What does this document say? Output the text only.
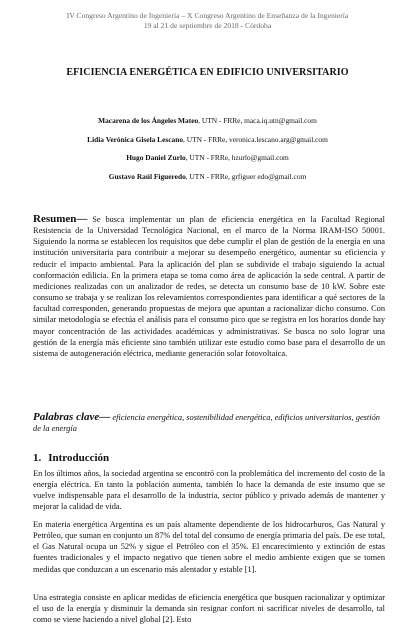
IV Congreso Argentino de Ingeniería – X Congreso Argentino de Enseñanza de la Ingeniería
19 al 21 de septiembre de 2018 - Córdoba
EFICIENCIA ENERGÉTICA EN EDIFICIO UNIVERSITARIO
Macarena de los Ángeles Mateo, UTN - FRRe, maca.iq.utn@gmail.com
Lidia Verónica Gisela Lescano, UTN - FRRe, veronica.lescano.arg@gmail.com
Hugo Daniel Zurlo, UTN - FRRe, hzurlo@gmail.com
Gustavo Raúl Figueredo, UTN - FRRe, grfiguer edo@gmail.com

Resumen— Se busca implementar un plan de eficiencia energética en la Facultad Regional Resistencia de la Universidad Tecnológica Nacional, en el marco de la Norma IRAM-ISO 50001. Siguiendo la norma se establecen los requisitos que debe cumplir el plan de gestión de la energía en una institución universitaria para contribuir a mejorar su desempeño energético, aumentar su eficiencia y reducir el impacto ambiental. Para la aplicación del plan se subdivide el trabajo siguiendo la actual conformación edilicia. En la primera etapa se toma como área de aplicación la sede central. A partir de mediciones realizadas con un analizador de redes, se detecta un consumo base de 10 kW. Sobre este consumo se trabaja y se realizan los relevamientos correspondientes para identificar a qué sectores de la facultad corresponden, generando propuestas de mejora que apuntan a racionalizar dicho consumo. Con similar metodología se efectúa el análisis para el consumo pico que se registra en los horarios donde hay mayor concentración de las actividades académicas y administrativas. Se busca no solo lograr una gestión de la energía más eficiente sino también utilizar este estudio como base para el desarrollo de un sistema de autogeneración eléctrica, mediante generación solar fotovoltaica.

Palabras clave— eficiencia energética, sostenibilidad energética, edificios universitarios, gestión de la energía
1. Introducción

En los últimos años, la sociedad argentina se encontró con la problemática del incremento del costo de la energía eléctrica. En tanto la población aumenta, también lo hace la demanda de este insumo que se vuelve indispensable para el desarrollo de la industria, sector público y privado además de mantener y mejorar la calidad de vida.

En materia energética Argentina es un país altamente dependiente de los hidrocarburos, Gas Natural y Petróleo, que suman en conjunto un 87% del total del consumo de energía primaria del país. De ese total, el Gas Natural ocupa un 52% y sigue el Petróleo con el 35%. El encarecimiento y extinción de estas fuentes tradicionales y el impacto negativo que tienen sobre el medio ambiente exigen que se tomen medidas que conduzcan a un escenario más alentador y estable [1].

Una estrategia consiste en aplicar medidas de eficiencia energética que busquen racionalizar y optimizar el uso de la energía y disminuir la demanda sin resignar confort ni sacrificar niveles de desarrollo, tal como se viene haciendo a nivel global [2]. Esto
